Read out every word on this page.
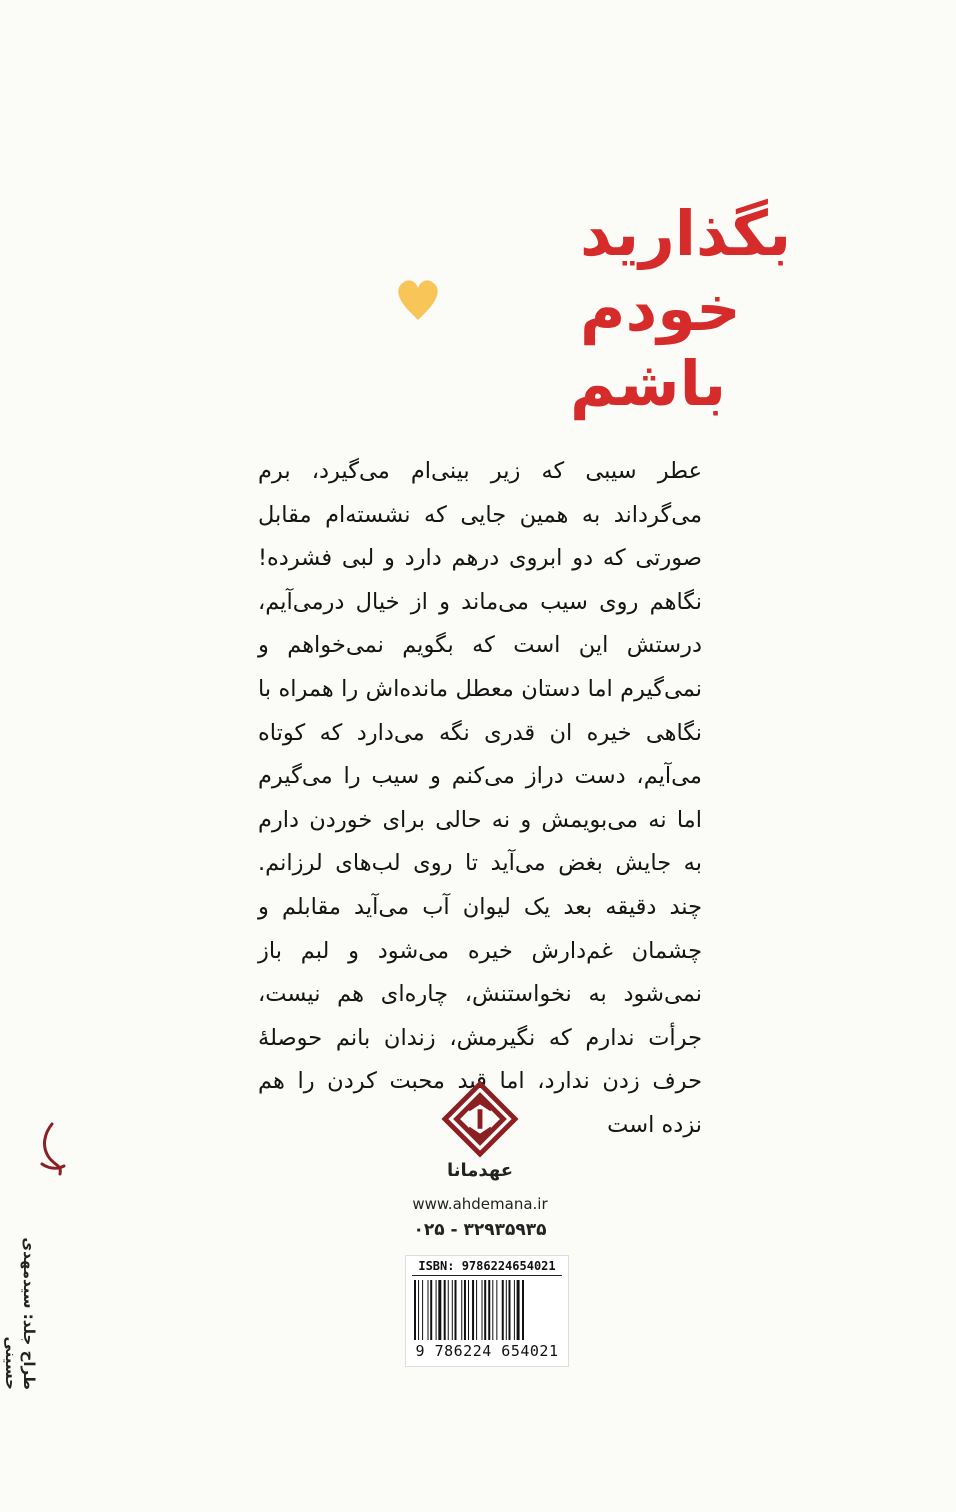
بگذارید
خودم
باشم

عطر سیبی که زیر بینی‌ام می‌گیرد، برم می‌گرداند به همین جایی که نشسته‌ام مقابل صورتی که دو ابروی درهم دارد و لبی فشرده! نگاهم روی سیب می‌ماند و از خیال درمی‌آیم، درستش این است که بگویم نمی‌خواهم و نمی‌گیرم اما دستان معطل مانده‌اش را همراه با نگاهی خیره ان قدری نگه می‌دارد که کوتاه می‌آیم، دست دراز می‌کنم و سیب را می‌گیرم اما نه می‌بویمش و نه حالی برای خوردن دارم به جایش بغض می‌آید تا روی لب‌های لرزانم. چند دقیقه بعد یک لیوان آب می‌آید مقابلم و چشمان غم‌دارش خیره می‌شود و لبم باز نمی‌شود به نخواستنش، چاره‌ای هم نیست، جرأت ندارم که نگیرمش، زندان بانم حوصلهٔ حرف زدن ندارد، اما قید محبت کردن را هم نزده است

عهدمانا
www.ahdemana.ir
۰۲۵ - ۳۲۹۳۵۹۳۵
ISBN: 9786224654021
9 786224 654021
طراح جلد: سیدمهدی حسینی
